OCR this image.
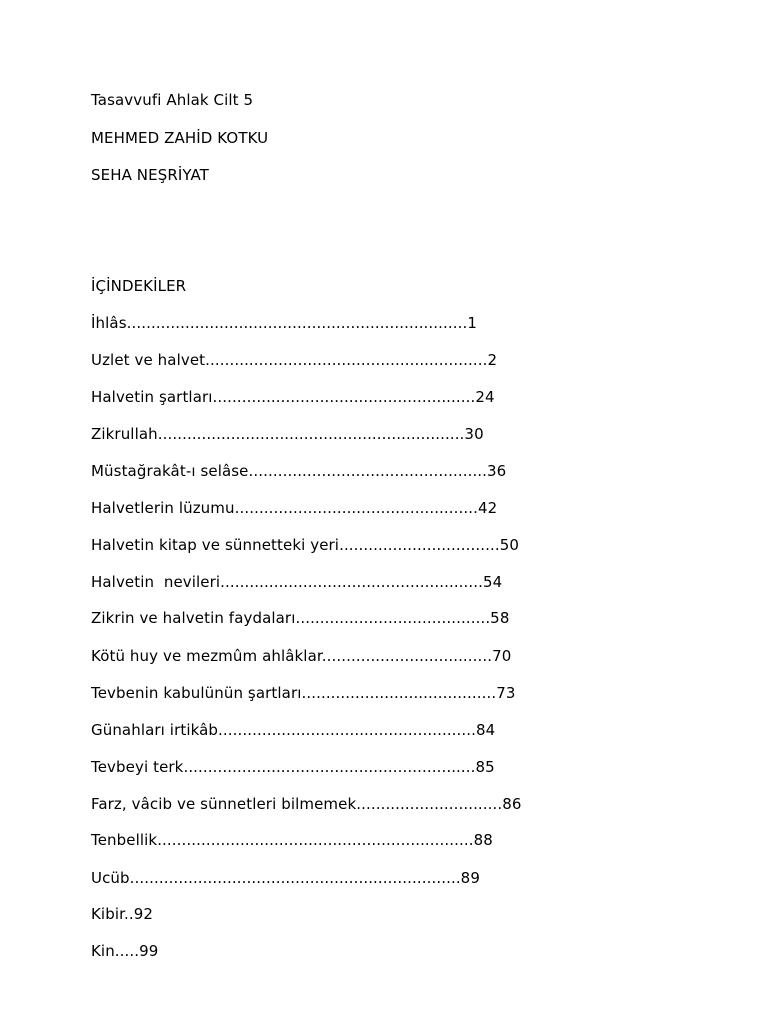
Tasavvufi Ahlak Cilt 5
MEHMED ZAHİD KOTKU
SEHA NEŞRİYAT
İÇİNDEKİLER
İhlâs......................................................................1
Uzlet ve halvet..........................................................2
Halvetin şartları......................................................24
Zikrullah...............................................................30
Müstağrakât-ı selâse.................................................36
Halvetlerin lüzumu..................................................42
Halvetin kitap ve sünnetteki yeri.................................50
Halvetin  nevileri......................................................54
Zikrin ve halvetin faydaları........................................58
Kötü huy ve mezmûm ahlâklar...................................70
Tevbenin kabulünün şartları........................................73
Günahları irtikâb.....................................................84
Tevbeyi terk............................................................85
Farz, vâcib ve sünnetleri bilmemek..............................86
Tenbellik.................................................................88
Ucüb....................................................................89
Kibir..92
Kin.....99
